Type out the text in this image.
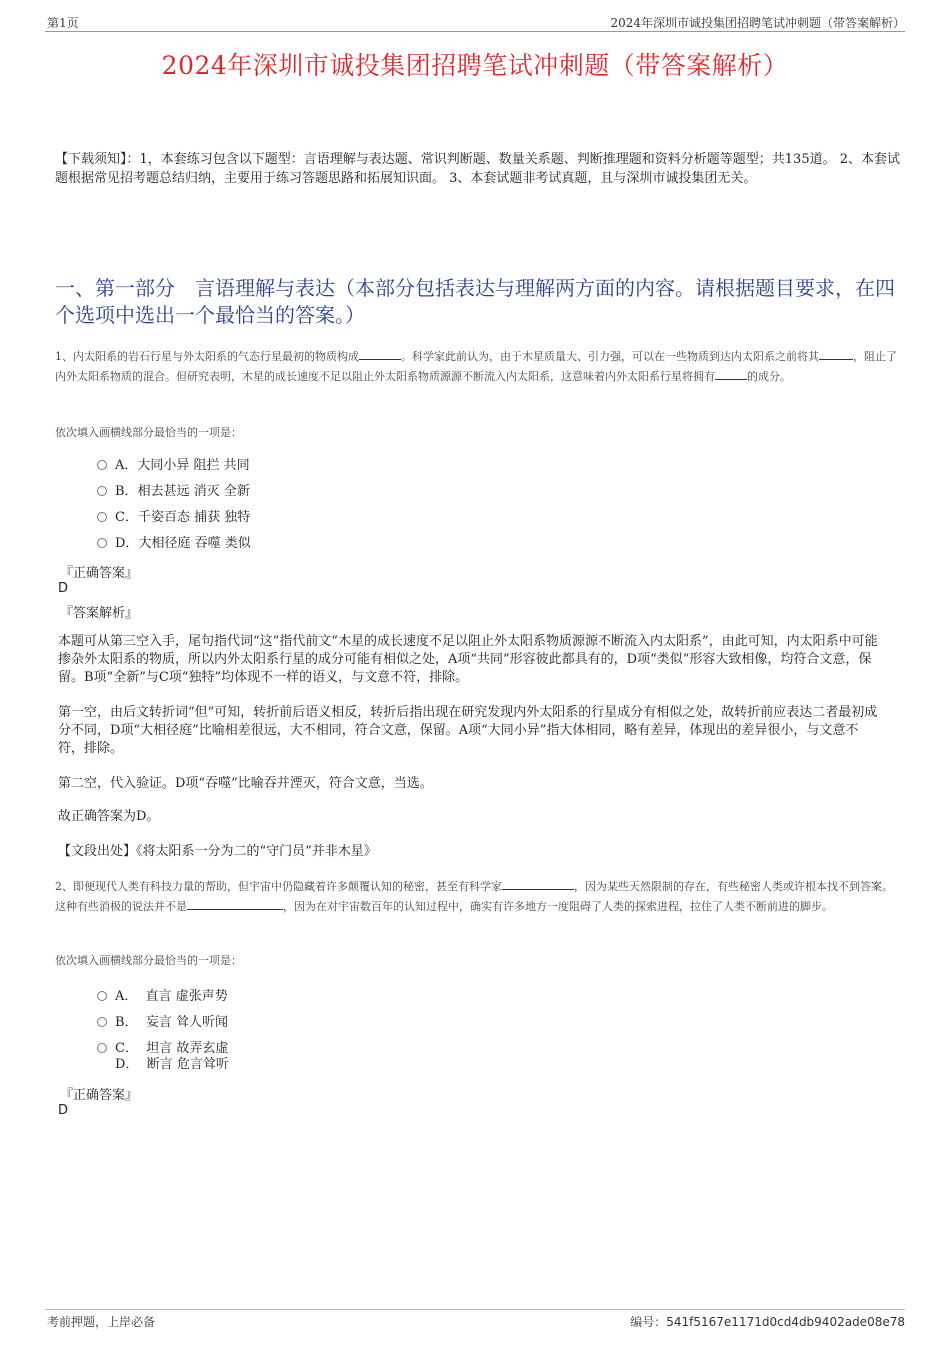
第1页	2024年深圳市诚投集团招聘笔试冲刺题（带答案解析）
2024年深圳市诚投集团招聘笔试冲刺题（带答案解析）
【下载须知】：1，本套练习包含以下题型：言语理解与表达题、常识判断题、数量关系题、判断推理题和资料分析题等题型；共135道。 2、本套试题根据常见招考题总结归纳，主要用于练习答题思路和拓展知识面。 3、本套试题非考试真题，且与深圳市诚投集团无关。
一、第一部分　言语理解与表达（本部分包括表达与理解两方面的内容。请根据题目要求，在四个选项中选出一个最恰当的答案。）
1、内太阳系的岩石行星与外太阳系的气态行星最初的物质构成	。科学家此前认为，由于木星质量大、引力强，可以在一些物质到达内太阳系之前将其	，阻止了内外太阳系物质的混合。但研究表明，木星的成长速度不足以阻止外太阳系物质源源不断流入内太阳系，这意味着内外太阳系行星将拥有	的成分。
依次填入画横线部分最恰当的一项是：
A．大同小异 阻拦 共同
B．相去甚远 消灭 全新
C．千姿百态 捕获 独特
D．大相径庭 吞噬 类似
『正确答案』
D
『答案解析』
本题可从第三空入手，尾句指代词“这”指代前文“木星的成长速度不足以阻止外太阳系物质源源不断流入内太阳系”，由此可知，内太阳系中可能掺杂外太阳系的物质，所以内外太阳系行星的成分可能有相似之处，A项“共同”形容彼此都具有的，D项“类似”形容大致相像，均符合文意，保留。B项“全新”与C项“独特”均体现不一样的语义，与文意不符，排除。
第一空，由后文转折词“但”可知，转折前后语义相反，转折后指出现在研究发现内外太阳系的行星成分有相似之处，故转折前应表达二者最初成分不同，D项“大相径庭”比喻相差很远，大不相同，符合文意，保留。A项“大同小异”指大体相同，略有差异，体现出的差异很小，与文意不符，排除。
第二空，代入验证。D项“吞噬”比喻吞并湮灭，符合文意，当选。
故正确答案为D。
【文段出处】《将太阳系一分为二的“守门员”并非木星》
2、即便现代人类有科技力量的帮助，但宇宙中仍隐藏着许多颠覆认知的秘密，甚至有科学家	，因为某些天然限制的存在，有些秘密人类或许根本找不到答案。这种有些消极的说法并不是	，因为在对宇宙数百年的认知过程中，确实有许多地方一度阻碍了人类的探索进程，拉住了人类不断前进的脚步。
依次填入画横线部分最恰当的一项是：
A． 直言 虚张声势
B． 妄言 耸人听闻
C． 坦言 故弄玄虚
D． 断言 危言耸听
『正确答案』
D
考前押题，上岸必备	编号：541f5167e1171d0cd4db9402ade08e78
